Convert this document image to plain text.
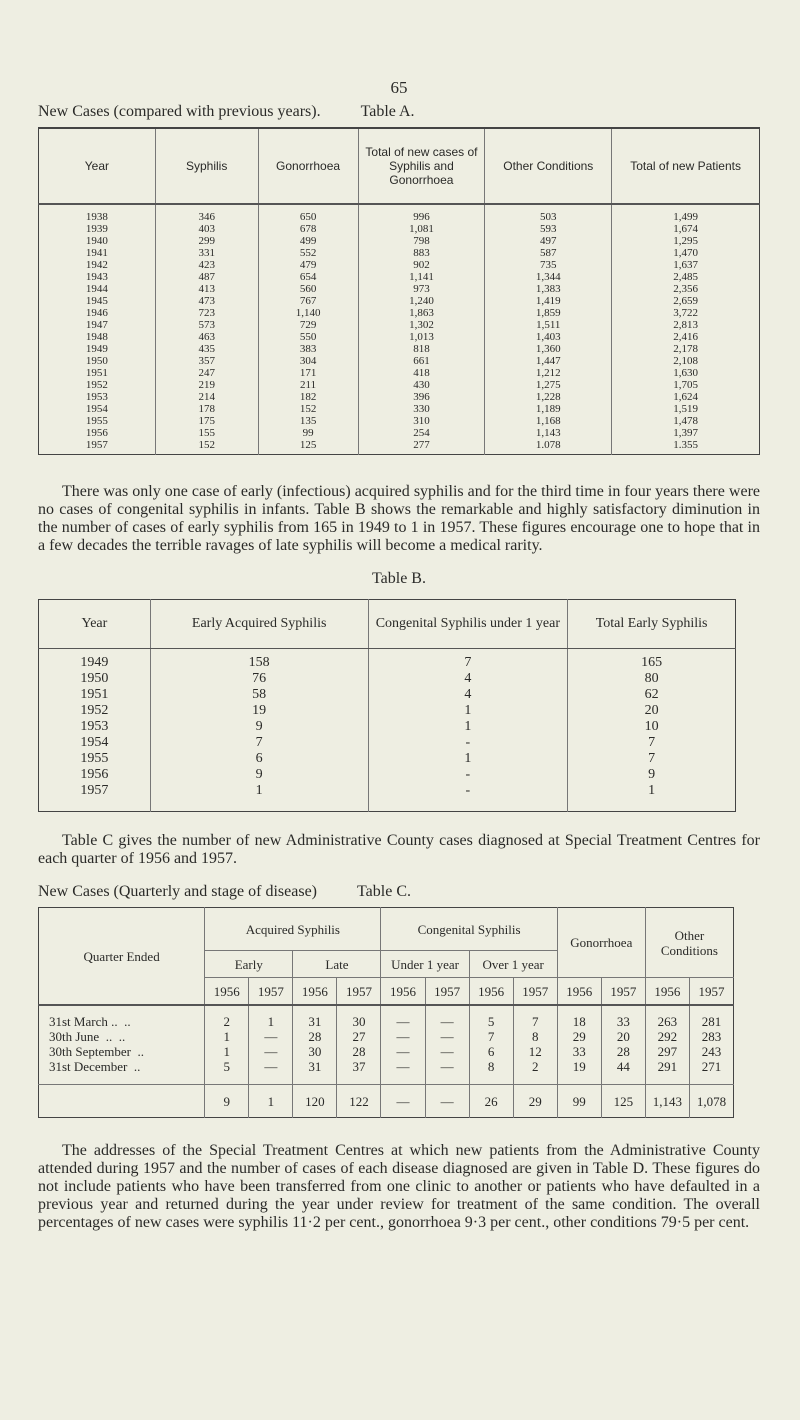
65
New Cases (compared with previous years).	Table A.
Year	Syphilis	Gonorrhoea	Total of new cases of Syphilis and Gonorrhoea	Other Conditions	Total of new Patients
1938	346	650	996	503	1,499
1939	403	678	1,081	593	1,674
1940	299	499	798	497	1,295
1941	331	552	883	587	1,470
1942	423	479	902	735	1,637
1943	487	654	1,141	1,344	2,485
1944	413	560	973	1,383	2,356
1945	473	767	1,240	1,419	2,659
1946	723	1,140	1,863	1,859	3,722
1947	573	729	1,302	1,511	2,813
1948	463	550	1,013	1,403	2,416
1949	435	383	818	1,360	2,178
1950	357	304	661	1,447	2,108
1951	247	171	418	1,212	1,630
1952	219	211	430	1,275	1,705
1953	214	182	396	1,228	1,624
1954	178	152	330	1,189	1,519
1955	175	135	310	1,168	1,478
1956	155	99	254	1,143	1,397
1957	152	125	277	1.078	1.355

There was only one case of early (infectious) acquired syphilis and for the third time in four years there were no cases of congenital syphilis in infants. Table B shows the remarkable and highly satisfactory diminution in the number of cases of early syphilis from 165 in 1949 to 1 in 1957. These figures encourage one to hope that in a few decades the terrible ravages of late syphilis will become a medical rarity.

Table B.
Year	Early Acquired Syphilis	Congenital Syphilis under 1 year	Total Early Syphilis
1949	158	7	165
1950	76	4	80
1951	58	4	62
1952	19	1	20
1953	9	1	10
1954	7	-	7
1955	6	1	7
1956	9	-	9
1957	1	-	1

Table C gives the number of new Administrative County cases diagnosed at Special Treatment Centres for each quarter of 1956 and 1957.

New Cases (Quarterly and stage of disease)	Table C.
Quarter Ended	Acquired Syphilis				Congenital Syphilis				Gonorrhoea		Other Conditions	
	Early		Late		Under 1 year		Over 1 year					
	1956	1957	1956	1957	1956	1957	1956	1957	1956	1957	1956	1957
31st March ..  ..	2	1	31	30	—	—	5	7	18	33	263	281
30th June  ..  ..	1	—	28	27	—	—	7	8	29	20	292	283
30th September  ..	1	—	30	28	—	—	6	12	33	28	297	243
31st December  ..	5	—	31	37	—	—	8	2	19	44	291	271
	9	1	120	122	—	—	26	29	99	125	1,143	1,078

The addresses of the Special Treatment Centres at which new patients from the Administrative County attended during 1957 and the number of cases of each disease diagnosed are given in Table D. These figures do not include patients who have been transferred from one clinic to another or patients who have defaulted in a previous year and returned during the year under review for treatment of the same condition. The overall percentages of new cases were syphilis 11·2 per cent., gonorrhoea 9·3 per cent., other conditions 79·5 per cent.
